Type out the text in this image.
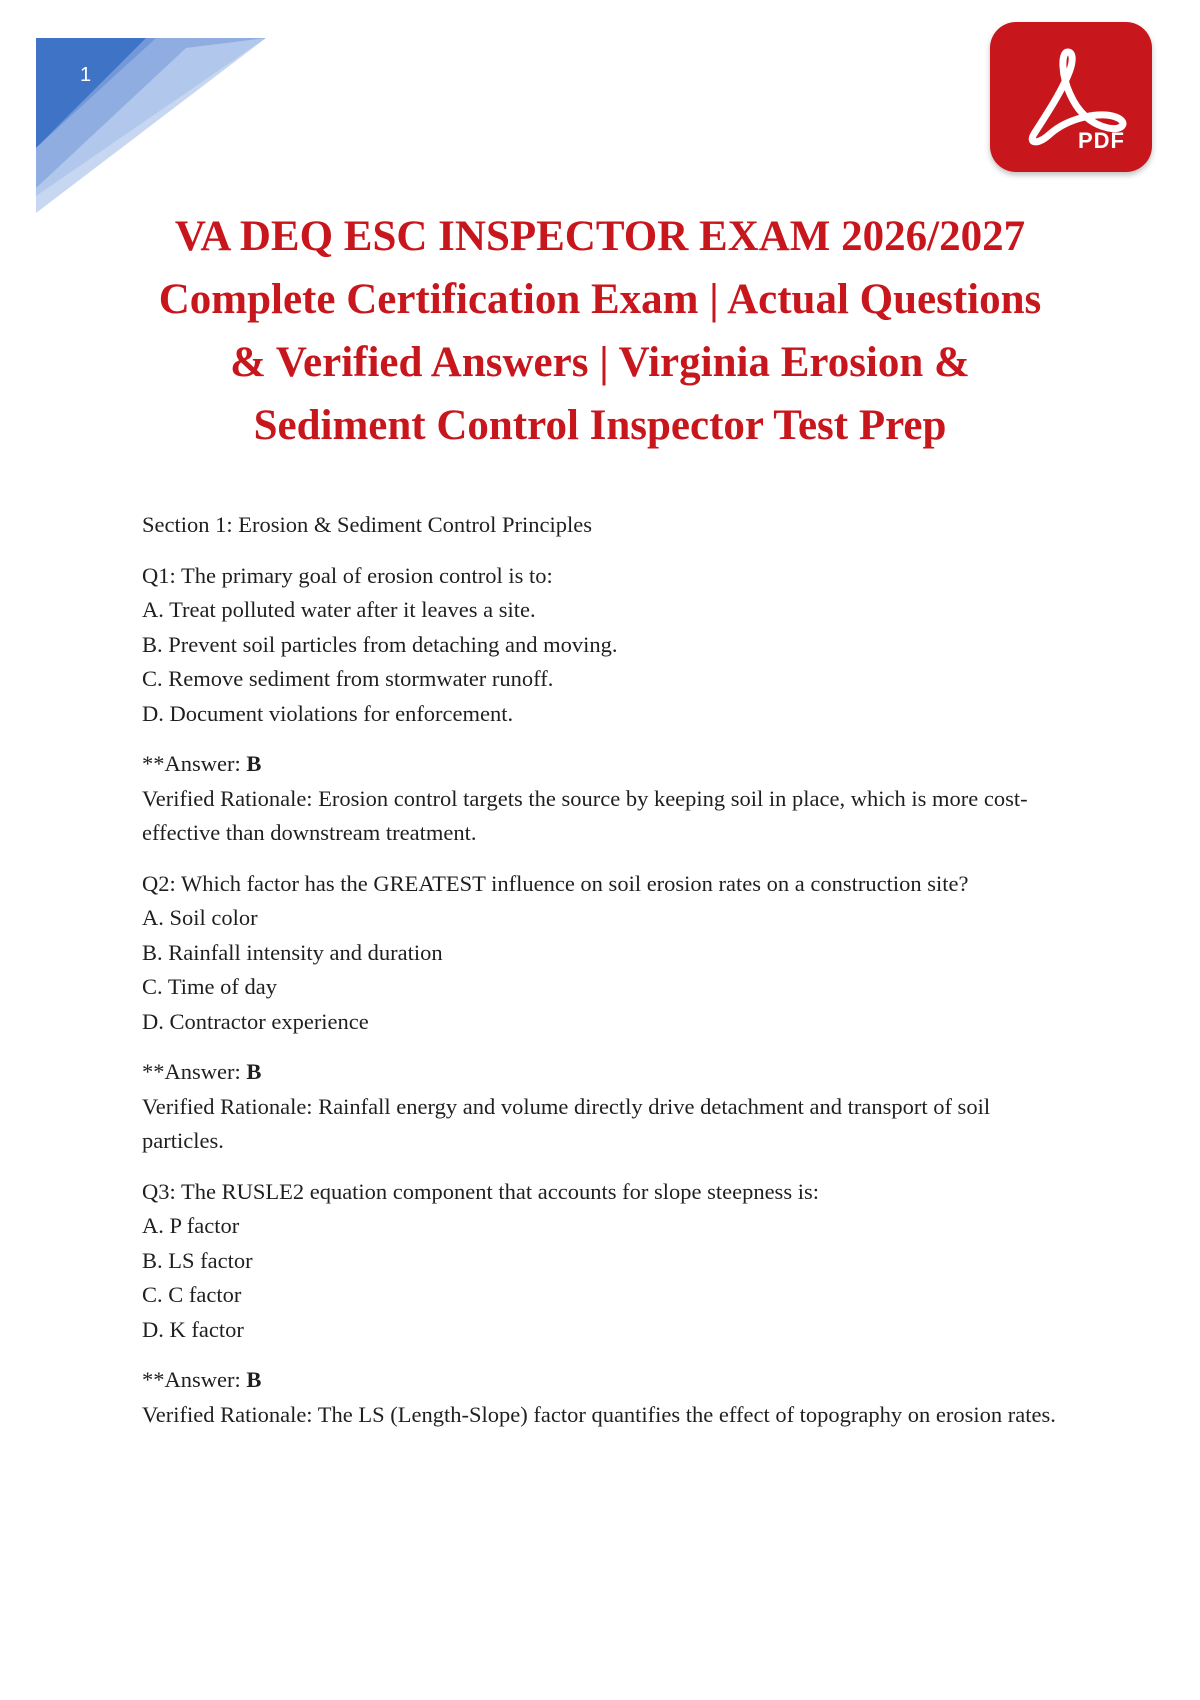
1
PDF
VA DEQ ESC INSPECTOR EXAM 2026/2027
Complete Certification Exam | Actual Questions
& Verified Answers | Virginia Erosion &
Sediment Control Inspector Test Prep

Section 1: Erosion & Sediment Control Principles

Q1: The primary goal of erosion control is to:

A. Treat polluted water after it leaves a site.

B. Prevent soil particles from detaching and moving.

C. Remove sediment from stormwater runoff.

D. Document violations for enforcement.

**Answer: B

Verified Rationale: Erosion control targets the source by keeping soil in place, which is more cost-effective than downstream treatment.

Q2: Which factor has the GREATEST influence on soil erosion rates on a construction site?

A. Soil color

B. Rainfall intensity and duration

C. Time of day

D. Contractor experience

**Answer: B

Verified Rationale: Rainfall energy and volume directly drive detachment and transport of soil particles.

Q3: The RUSLE2 equation component that accounts for slope steepness is:

A. P factor

B. LS factor

C. C factor

D. K factor

**Answer: B

Verified Rationale: The LS (Length-Slope) factor quantifies the effect of topography on erosion rates.
